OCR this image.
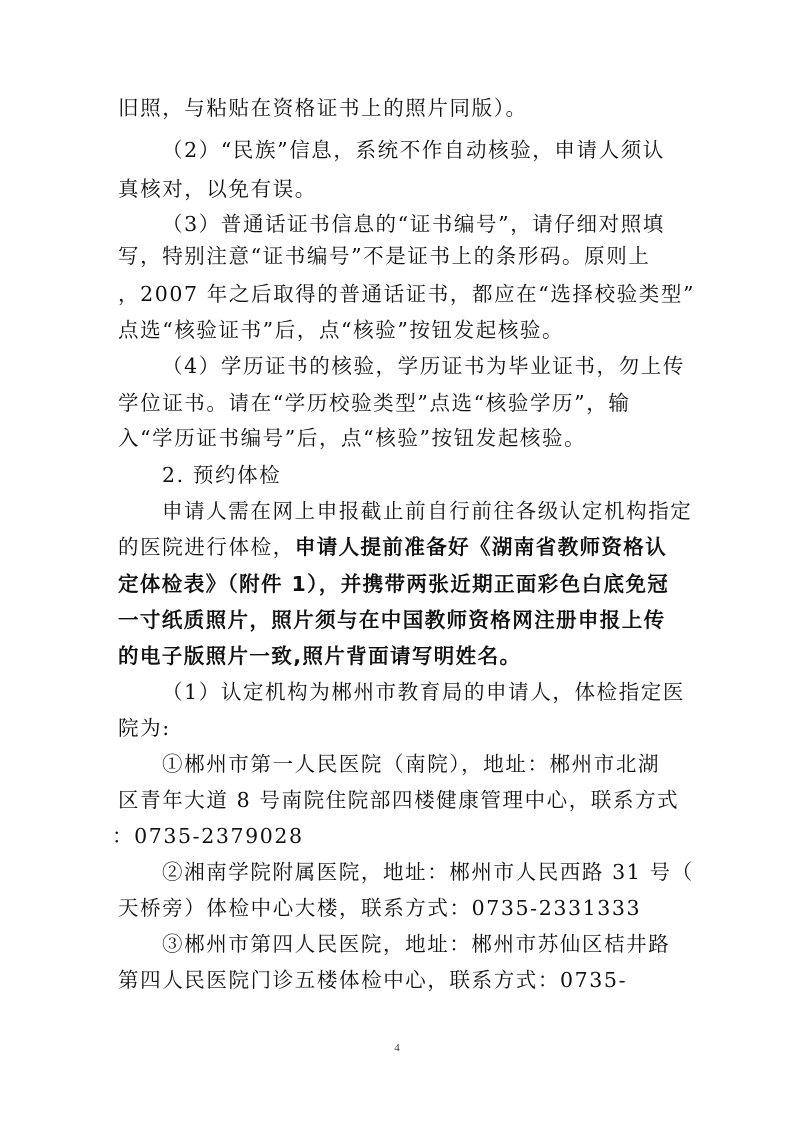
旧照，与粘贴在资格证书上的照片同版）。
（2）“民族”信息，系统不作自动核验，申请人须认
真核对，以免有误。
（3）普通话证书信息的“证书编号”，请仔细对照填
写，特别注意“证书编号”不是证书上的条形码。原则上
，2007 年之后取得的普通话证书，都应在“选择校验类型”
点选“核验证书”后，点“核验”按钮发起核验。
（4）学历证书的核验，学历证书为毕业证书，勿上传
学位证书。请在“学历校验类型”点选“核验学历”，输
入“学历证书编号”后，点“核验”按钮发起核验。
2. 预约体检
申请人需在网上申报截止前自行前往各级认定机构指定
的医院进行体检，申请人提前准备好《湖南省教师资格认
定体检表》（附件 1），并携带两张近期正面彩色白底免冠
一寸纸质照片，照片须与在中国教师资格网注册申报上传
的电子版照片一致,照片背面请写明姓名。
（1）认定机构为郴州市教育局的申请人，体检指定医
院为:
①郴州市第一人民医院（南院），地址：郴州市北湖
区青年大道 8 号南院住院部四楼健康管理中心，联系方式
：0735-2379028
②湘南学院附属医院，地址：郴州市人民西路 31 号（
天桥旁）体检中心大楼，联系方式：0735-2331333
③郴州市第四人民医院，地址：郴州市苏仙区桔井路
第四人民医院门诊五楼体检中心，联系方式：0735-
4
